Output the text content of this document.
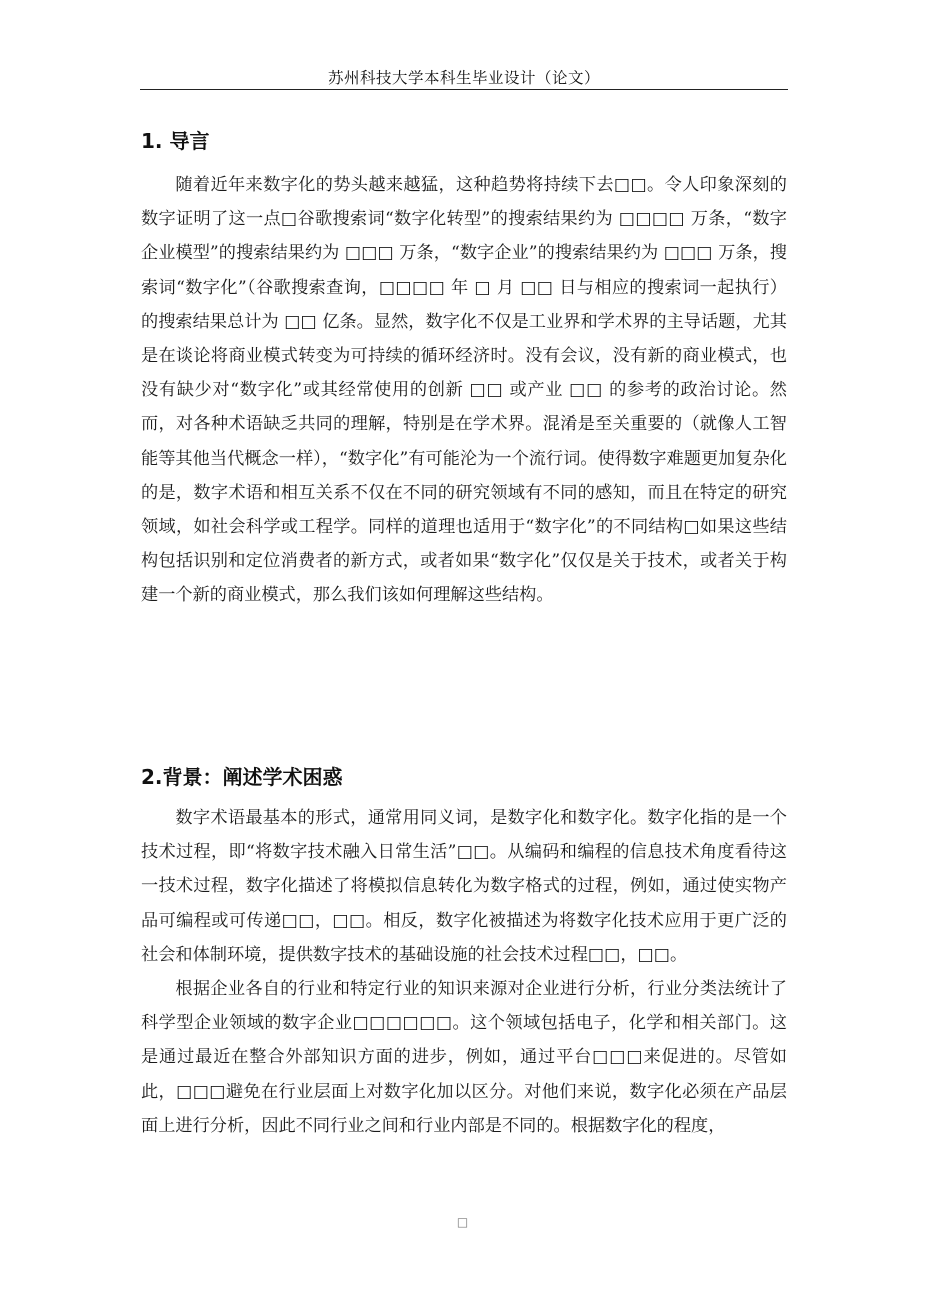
苏州科技大学本科生毕业设计（论文）
1. 导言

随着近年来数字化的势头越来越猛，这种趋势将持续下去□□。令人印象深刻的数字证明了这一点□谷歌搜索词“数字化转型”的搜索结果约为 □□□□ 万条，“数字企业模型”的搜索结果约为 □□□ 万条，“数字企业”的搜索结果约为 □□□ 万条，搜索词“数字化”（谷歌搜索查询，□□□□ 年 □ 月 □□ 日与相应的搜索词一起执行）的搜索结果总计为 □□ 亿条。显然，数字化不仅是工业界和学术界的主导话题，尤其是在谈论将商业模式转变为可持续的循环经济时。没有会议，没有新的商业模式，也没有缺少对“数字化”或其经常使用的创新 □□ 或产业 □□ 的参考的政治讨论。然而，对各种术语缺乏共同的理解，特别是在学术界。混淆是至关重要的（就像人工智能等其他当代概念一样），“数字化”有可能沦为一个流行词。使得数字难题更加复杂化的是，数字术语和相互关系不仅在不同的研究领域有不同的感知，而且在特定的研究领域，如社会科学或工程学。同样的道理也适用于“数字化”的不同结构□如果这些结构包括识别和定位消费者的新方式，或者如果“数字化”仅仅是关于技术，或者关于构建一个新的商业模式，那么我们该如何理解这些结构。

2.背景：阐述学术困惑

数字术语最基本的形式，通常用同义词，是数字化和数字化。数字化指的是一个技术过程，即“将数字技术融入日常生活”□□。从编码和编程的信息技术角度看待这一技术过程，数字化描述了将模拟信息转化为数字格式的过程，例如，通过使实物产品可编程或可传递□□，□□。相反，数字化被描述为将数字化技术应用于更广泛的社会和体制环境，提供数字技术的基础设施的社会技术过程□□，□□。

根据企业各自的行业和特定行业的知识来源对企业进行分析，行业分类法统计了科学型企业领域的数字企业□□□□□□。这个领域包括电子，化学和相关部门。这是通过最近在整合外部知识方面的进步，例如，通过平台□□□来促进的。尽管如此，□□□避免在行业层面上对数字化加以区分。对他们来说，数字化必须在产品层面上进行分析，因此不同行业之间和行业内部是不同的。根据数字化的程度，

□
